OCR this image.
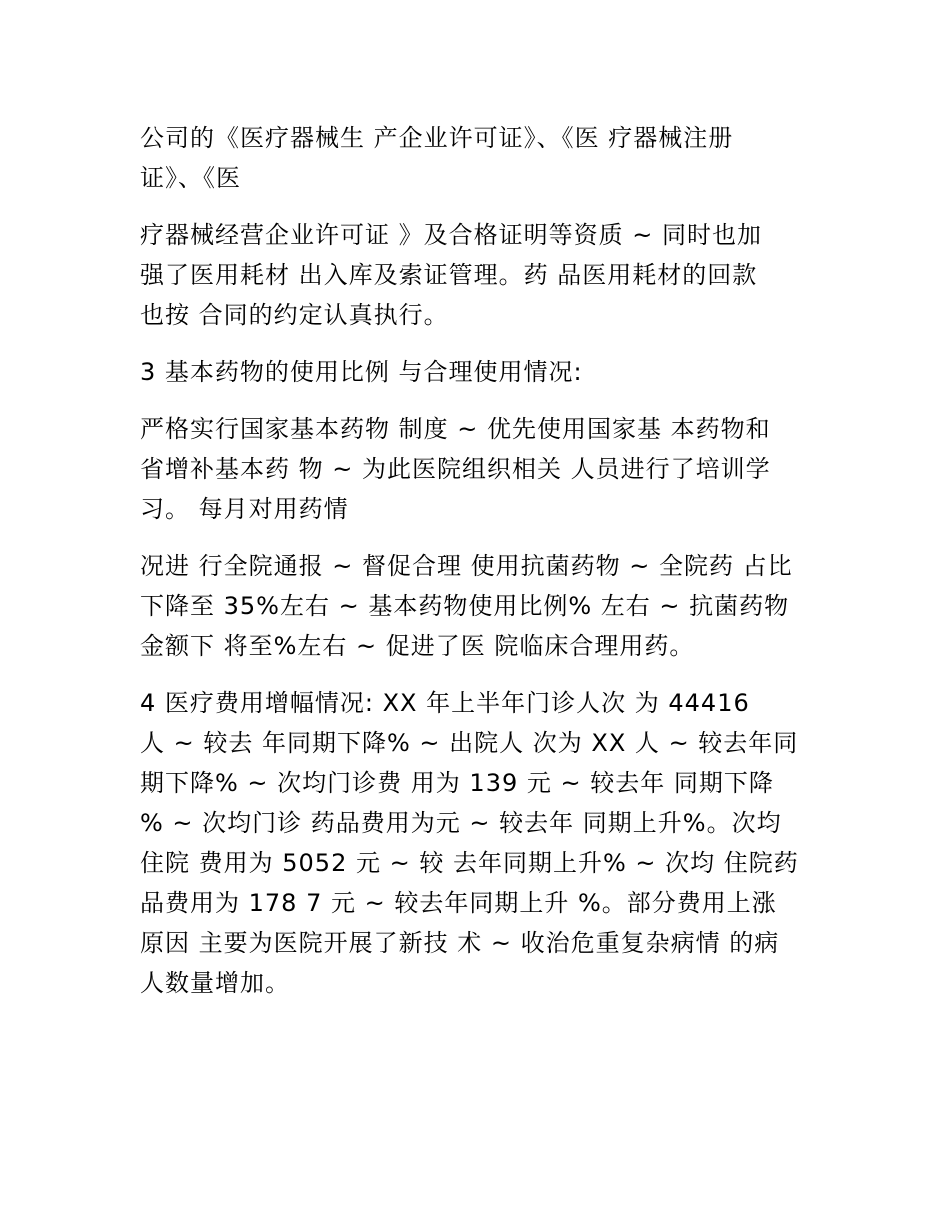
公司的《医疗器械生 产企业许可证》、《医 疗器械注册
证》、《医

疗器械经营企业许可证 》及合格证明等资质 ~ 同时也加
强了医用耗材 出入库及索证管理。药 品医用耗材的回款
也按 合同的约定认真执行。

3 基本药物的使用比例 与合理使用情况:

严格实行国家基本药物 制度 ~ 优先使用国家基 本药物和
省增补基本药 物 ~ 为此医院组织相关 人员进行了培训学
习。 每月对用药情

况进 行全院通报 ~ 督促合理 使用抗菌药物 ~ 全院药 占比
下降至 35%左右 ~ 基本药物使用比例% 左右 ~ 抗菌药物
金额下 将至%左右 ~ 促进了医 院临床合理用药。

4 医疗费用增幅情况: XX 年上半年门诊人次 为 44416
人 ~ 较去 年同期下降% ~ 出院人 次为 XX 人 ~ 较去年同
期下降% ~ 次均门诊费 用为 139 元 ~ 较去年 同期下降
% ~ 次均门诊 药品费用为元 ~ 较去年 同期上升%。次均
住院 费用为 5052 元 ~ 较 去年同期上升% ~ 次均 住院药
品费用为 178 7 元 ~ 较去年同期上升 %。部分费用上涨
原因 主要为医院开展了新技 术 ~ 收治危重复杂病情 的病
人数量增加。
